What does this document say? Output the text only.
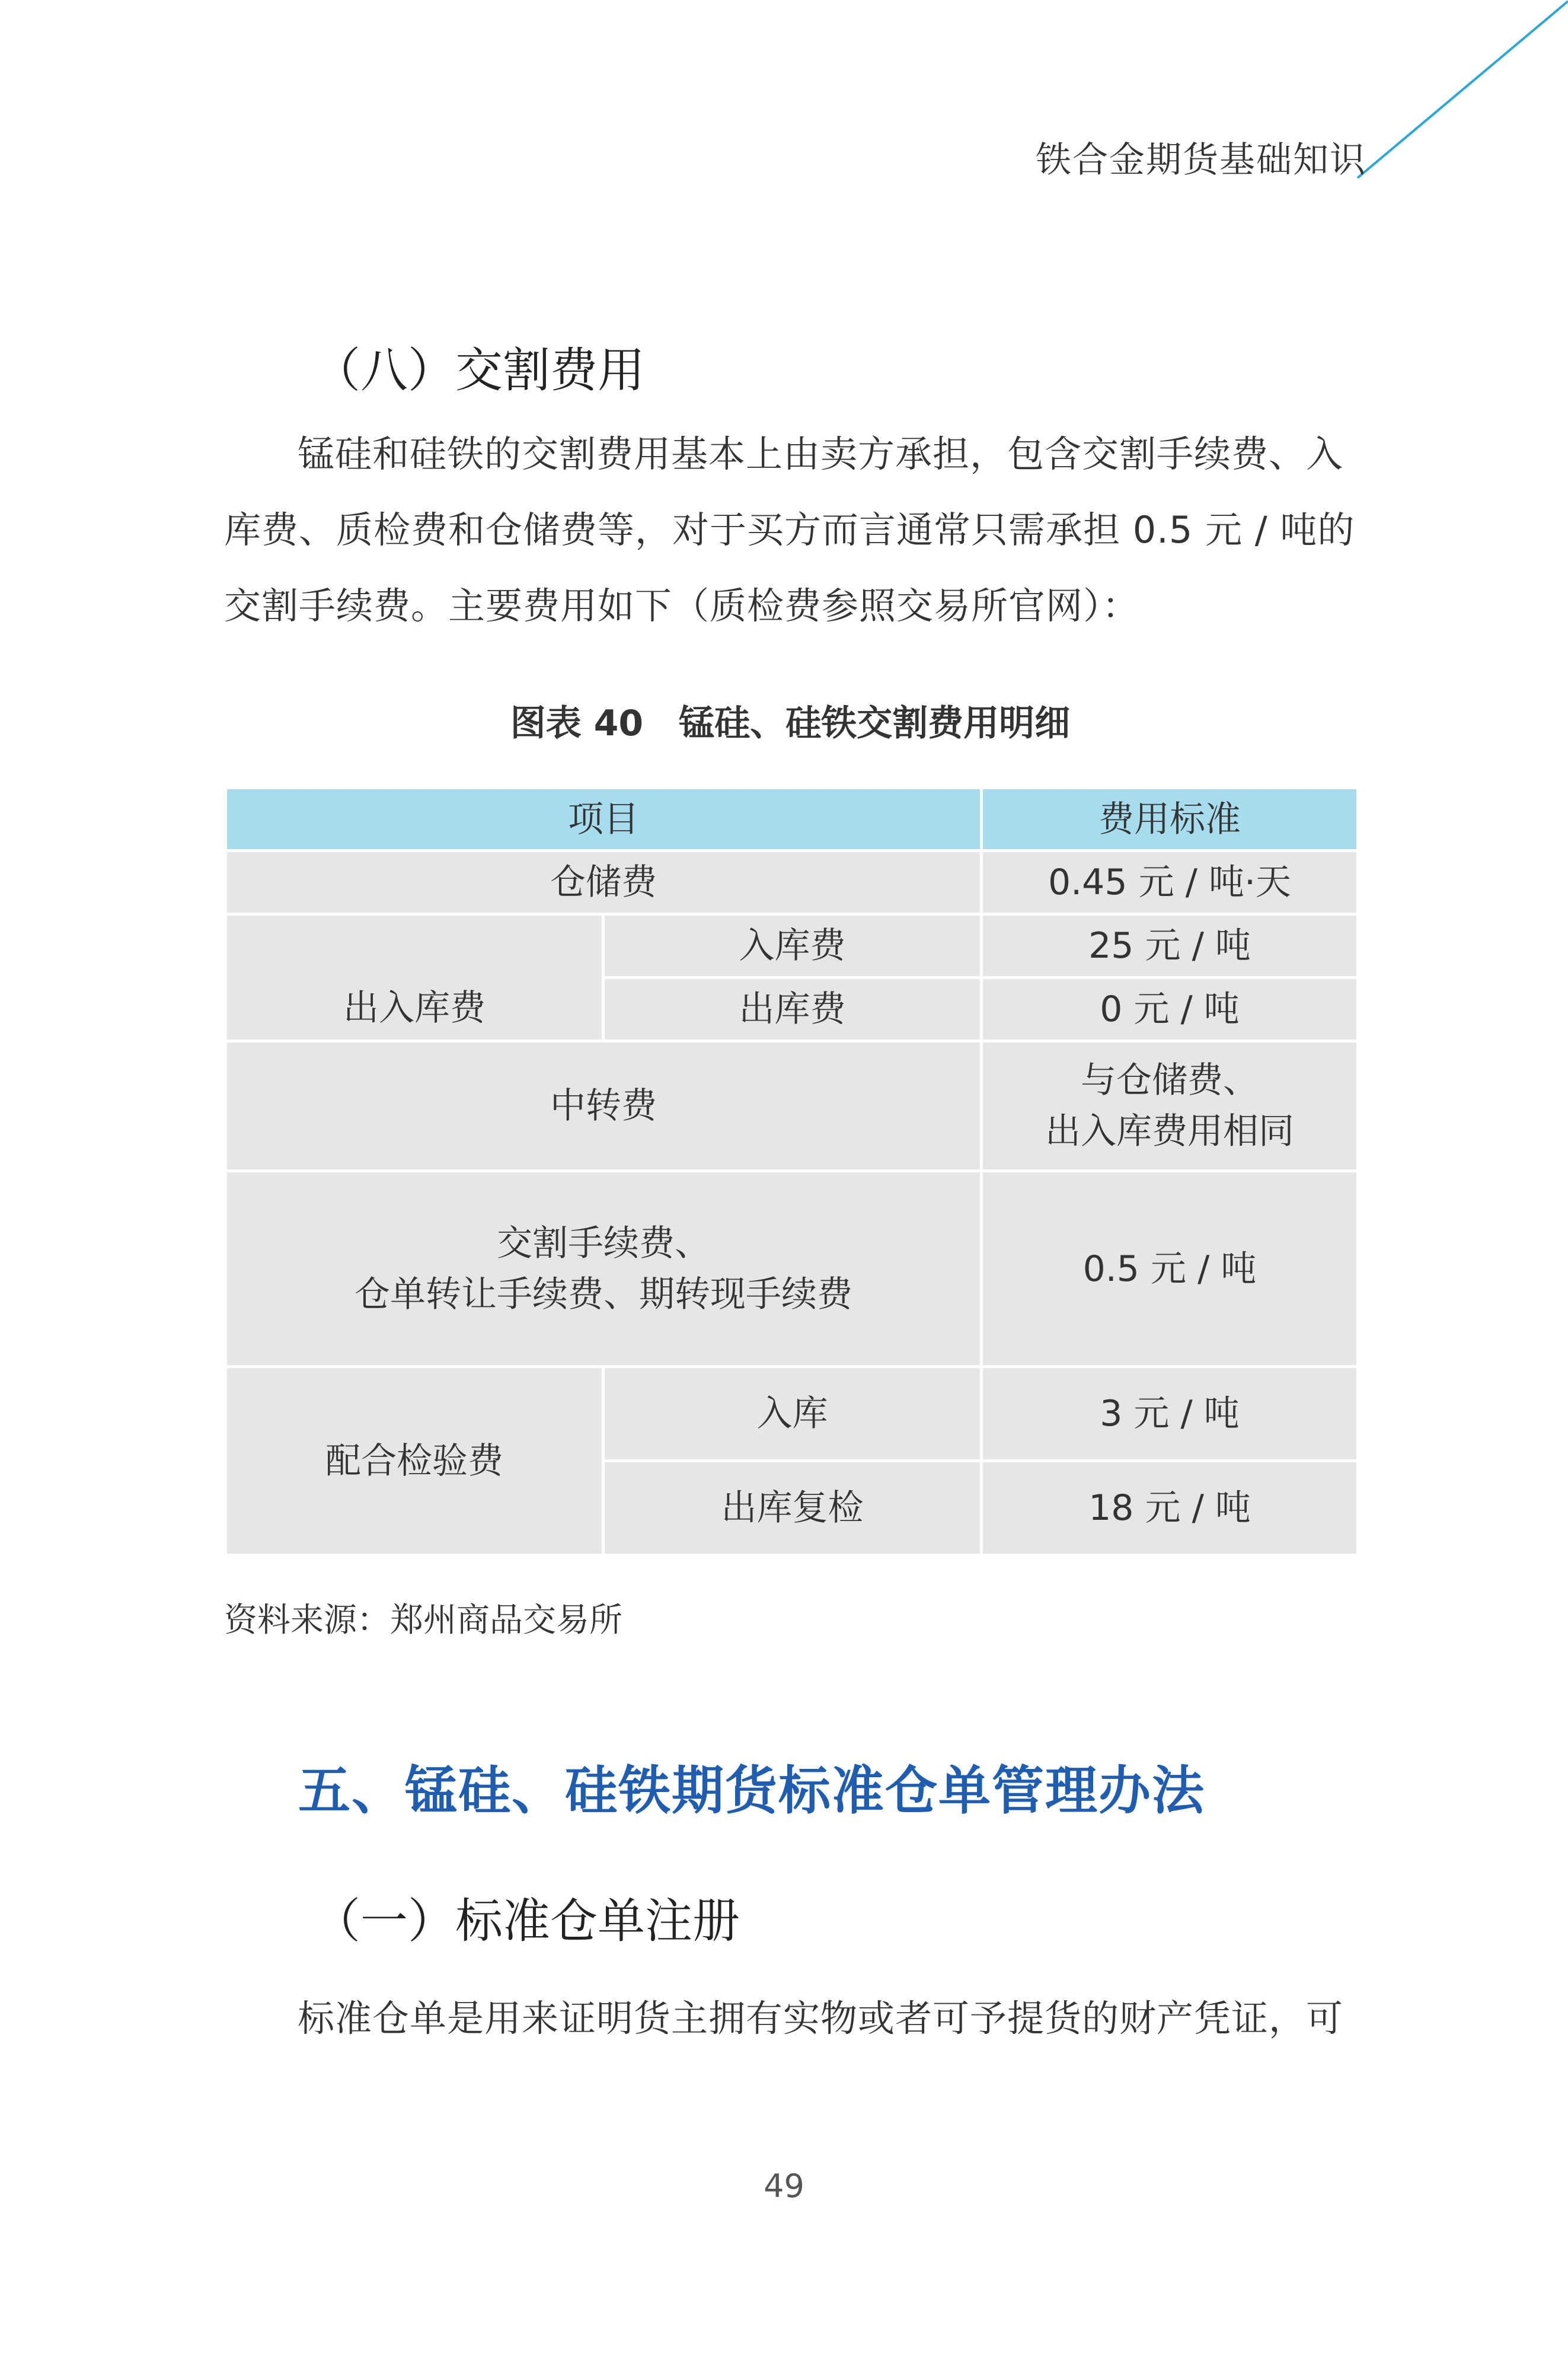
铁合金期货基础知识
（八）交割费用

锰硅和硅铁的交割费用基本上由卖方承担，包含交割手续费、入库费、质检费和仓储费等，对于买方而言通常只需承担 0.5 元 / 吨的交割手续费。主要费用如下（质检费参照交易所官网）：

图表 40　锰硅、硅铁交割费用明细
项目		费用标准
仓储费		0.45 元 / 吨·天

出入库费	入库费	25 元 / 吨
	出库费	0 元 / 吨
中转费		与仓储费、
出入库费用相同

交割手续费、
仓单转让手续费、期转现手续费		0.5 元 / 吨
配合检验费	入库	3 元 / 吨
	出库复检	18 元 / 吨
资料来源：郑州商品交易所
五、锰硅、硅铁期货标准仓单管理办法
（一）标准仓单注册

标准仓单是用来证明货主拥有实物或者可予提货的财产凭证，可

49
